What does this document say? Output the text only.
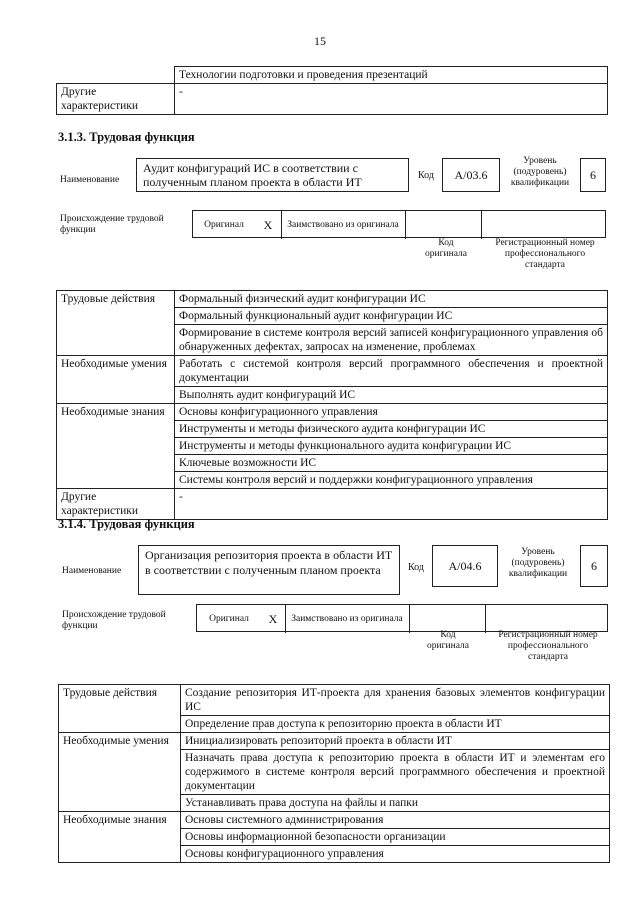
15
	Технологии подготовки и проведения презентаций
Другие характеристики	-
3.1.3. Трудовая функция
Наименование
Аудит конфигураций ИС в соответствии с полученным планом проекта в области ИТ	Код	А/03.6
Уровень (подуровень) квалификации
6
Происхождение трудовой функции
Оригинал	X	Заимствовано из оригинала
Код оригинала
Регистрационный номер профессионального стандарта
Трудовые действия	Формальный физический аудит конфигурации ИС
	Формальный функциональный аудит конфигурации ИС
	Формирование в системе контроля версий записей конфигурационного управления об обнаруженных дефектах, запросах на изменение, проблемах
Необходимые умения	Работать с системой контроля версий программного обеспечения и проектной документации
	Выполнять аудит конфигураций ИС
Необходимые знания	Основы конфигурационного управления
	Инструменты и методы физического аудита конфигурации ИС
	Инструменты и методы функционального аудита конфигурации ИС
	Ключевые возможности ИС
	Системы контроля версий и поддержки конфигурационного управления
Другие характеристики	-
3.1.4. Трудовая функция
Наименование
Организация репозитория проекта в области ИТ в соответствии с полученным планом проекта	Код	А/04.6
Уровень (подуровень) квалификации
6
Происхождение трудовой функции
Оригинал	X	Заимствовано из оригинала
Код оригинала
Регистрационный номер профессионального стандарта
Трудовые действия	Создание репозитория ИТ-проекта для хранения базовых элементов конфигурации ИС
	Определение прав доступа к репозиторию проекта в области ИТ
Необходимые умения	Инициализировать репозиторий проекта в области ИТ
	Назначать права доступа к репозиторию проекта в области ИТ и элементам его содержимого в системе контроля версий программного обеспечения и проектной документации
	Устанавливать права доступа на файлы и папки
Необходимые знания	Основы системного администрирования
	Основы информационной безопасности организации
	Основы конфигурационного управления
